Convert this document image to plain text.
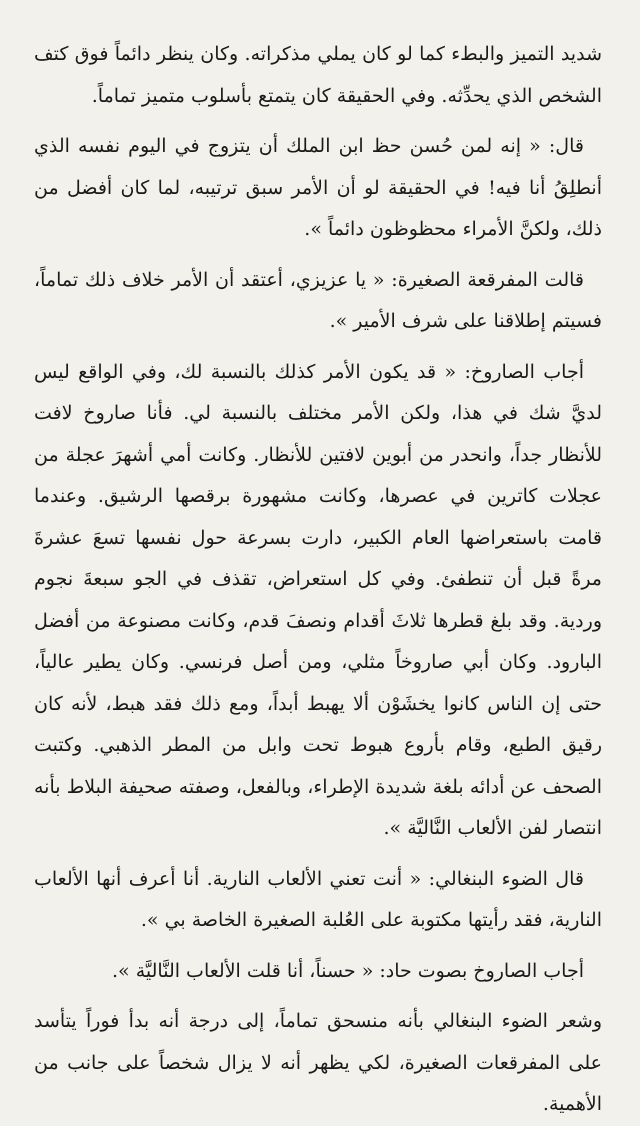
شديد التميز والبطء كما لو كان يملي مذكراته. وكان ينظر دائماً فوق كتف الشخص الذي يحدِّثه. وفي الحقيقة كان يتمتع بأسلوب متميز تماماً.

قال: « إنه لمن حُسن حظ ابن الملك أن يتزوج في اليوم نفسه الذي أنطلِقُ أنا فيه! في الحقيقة لو أن الأمر سبق ترتيبه، لما كان أفضل من ذلك، ولكنَّ الأمراء محظوظون دائماً ».

قالت المفرقعة الصغيرة: « يا عزيزي، أعتقد أن الأمر خلاف ذلك تماماً، فسيتم إطلاقنا على شرف الأمير ».

أجاب الصاروخ: « قد يكون الأمر كذلك بالنسبة لك، وفي الواقع ليس لديَّ شك في هذا، ولكن الأمر مختلف بالنسبة لي. فأنا صاروخ لافت للأنظار جداً، وانحدر من أبوين لافتين للأنظار. وكانت أمي أشهرَ عجلة من عجلات كاترين في عصرها، وكانت مشهورة برقصها الرشيق. وعندما قامت باستعراضها العام الكبير، دارت بسرعة حول نفسها تسعَ عشرةَ مرةً قبل أن تنطفئ. وفي كل استعراض، تقذف في الجو سبعةَ نجوم وردية. وقد بلغ قطرها ثلاثَ أقدام ونصفَ قدم، وكانت مصنوعة من أفضل البارود. وكان أبي صاروخاً مثلي، ومن أصل فرنسي. وكان يطير عالياً، حتى إن الناس كانوا يخشَوْن ألا يهبط أبداً، ومع ذلك فقد هبط، لأنه كان رقيق الطبع، وقام بأروع هبوط تحت وابل من المطر الذهبي. وكتبت الصحف عن أدائه بلغة شديدة الإطراء، وبالفعل، وصفته صحيفة البلاط بأنه انتصار لفن الألعاب النَّاليَّة ».

قال الضوء البنغالي: « أنت تعني الألعاب النارية. أنا أعرف أنها الألعاب النارية، فقد رأيتها مكتوبة على العُلبة الصغيرة الخاصة بي ».

أجاب الصاروخ بصوت حاد: « حسناً، أنا قلت الألعاب النَّاليَّة ».

وشعر الضوء البنغالي بأنه منسحق تماماً، إلى درجة أنه بدأ فوراً يتأسد على المفرقعات الصغيرة، لكي يظهر أنه لا يزال شخصاً على جانب من الأهمية.
